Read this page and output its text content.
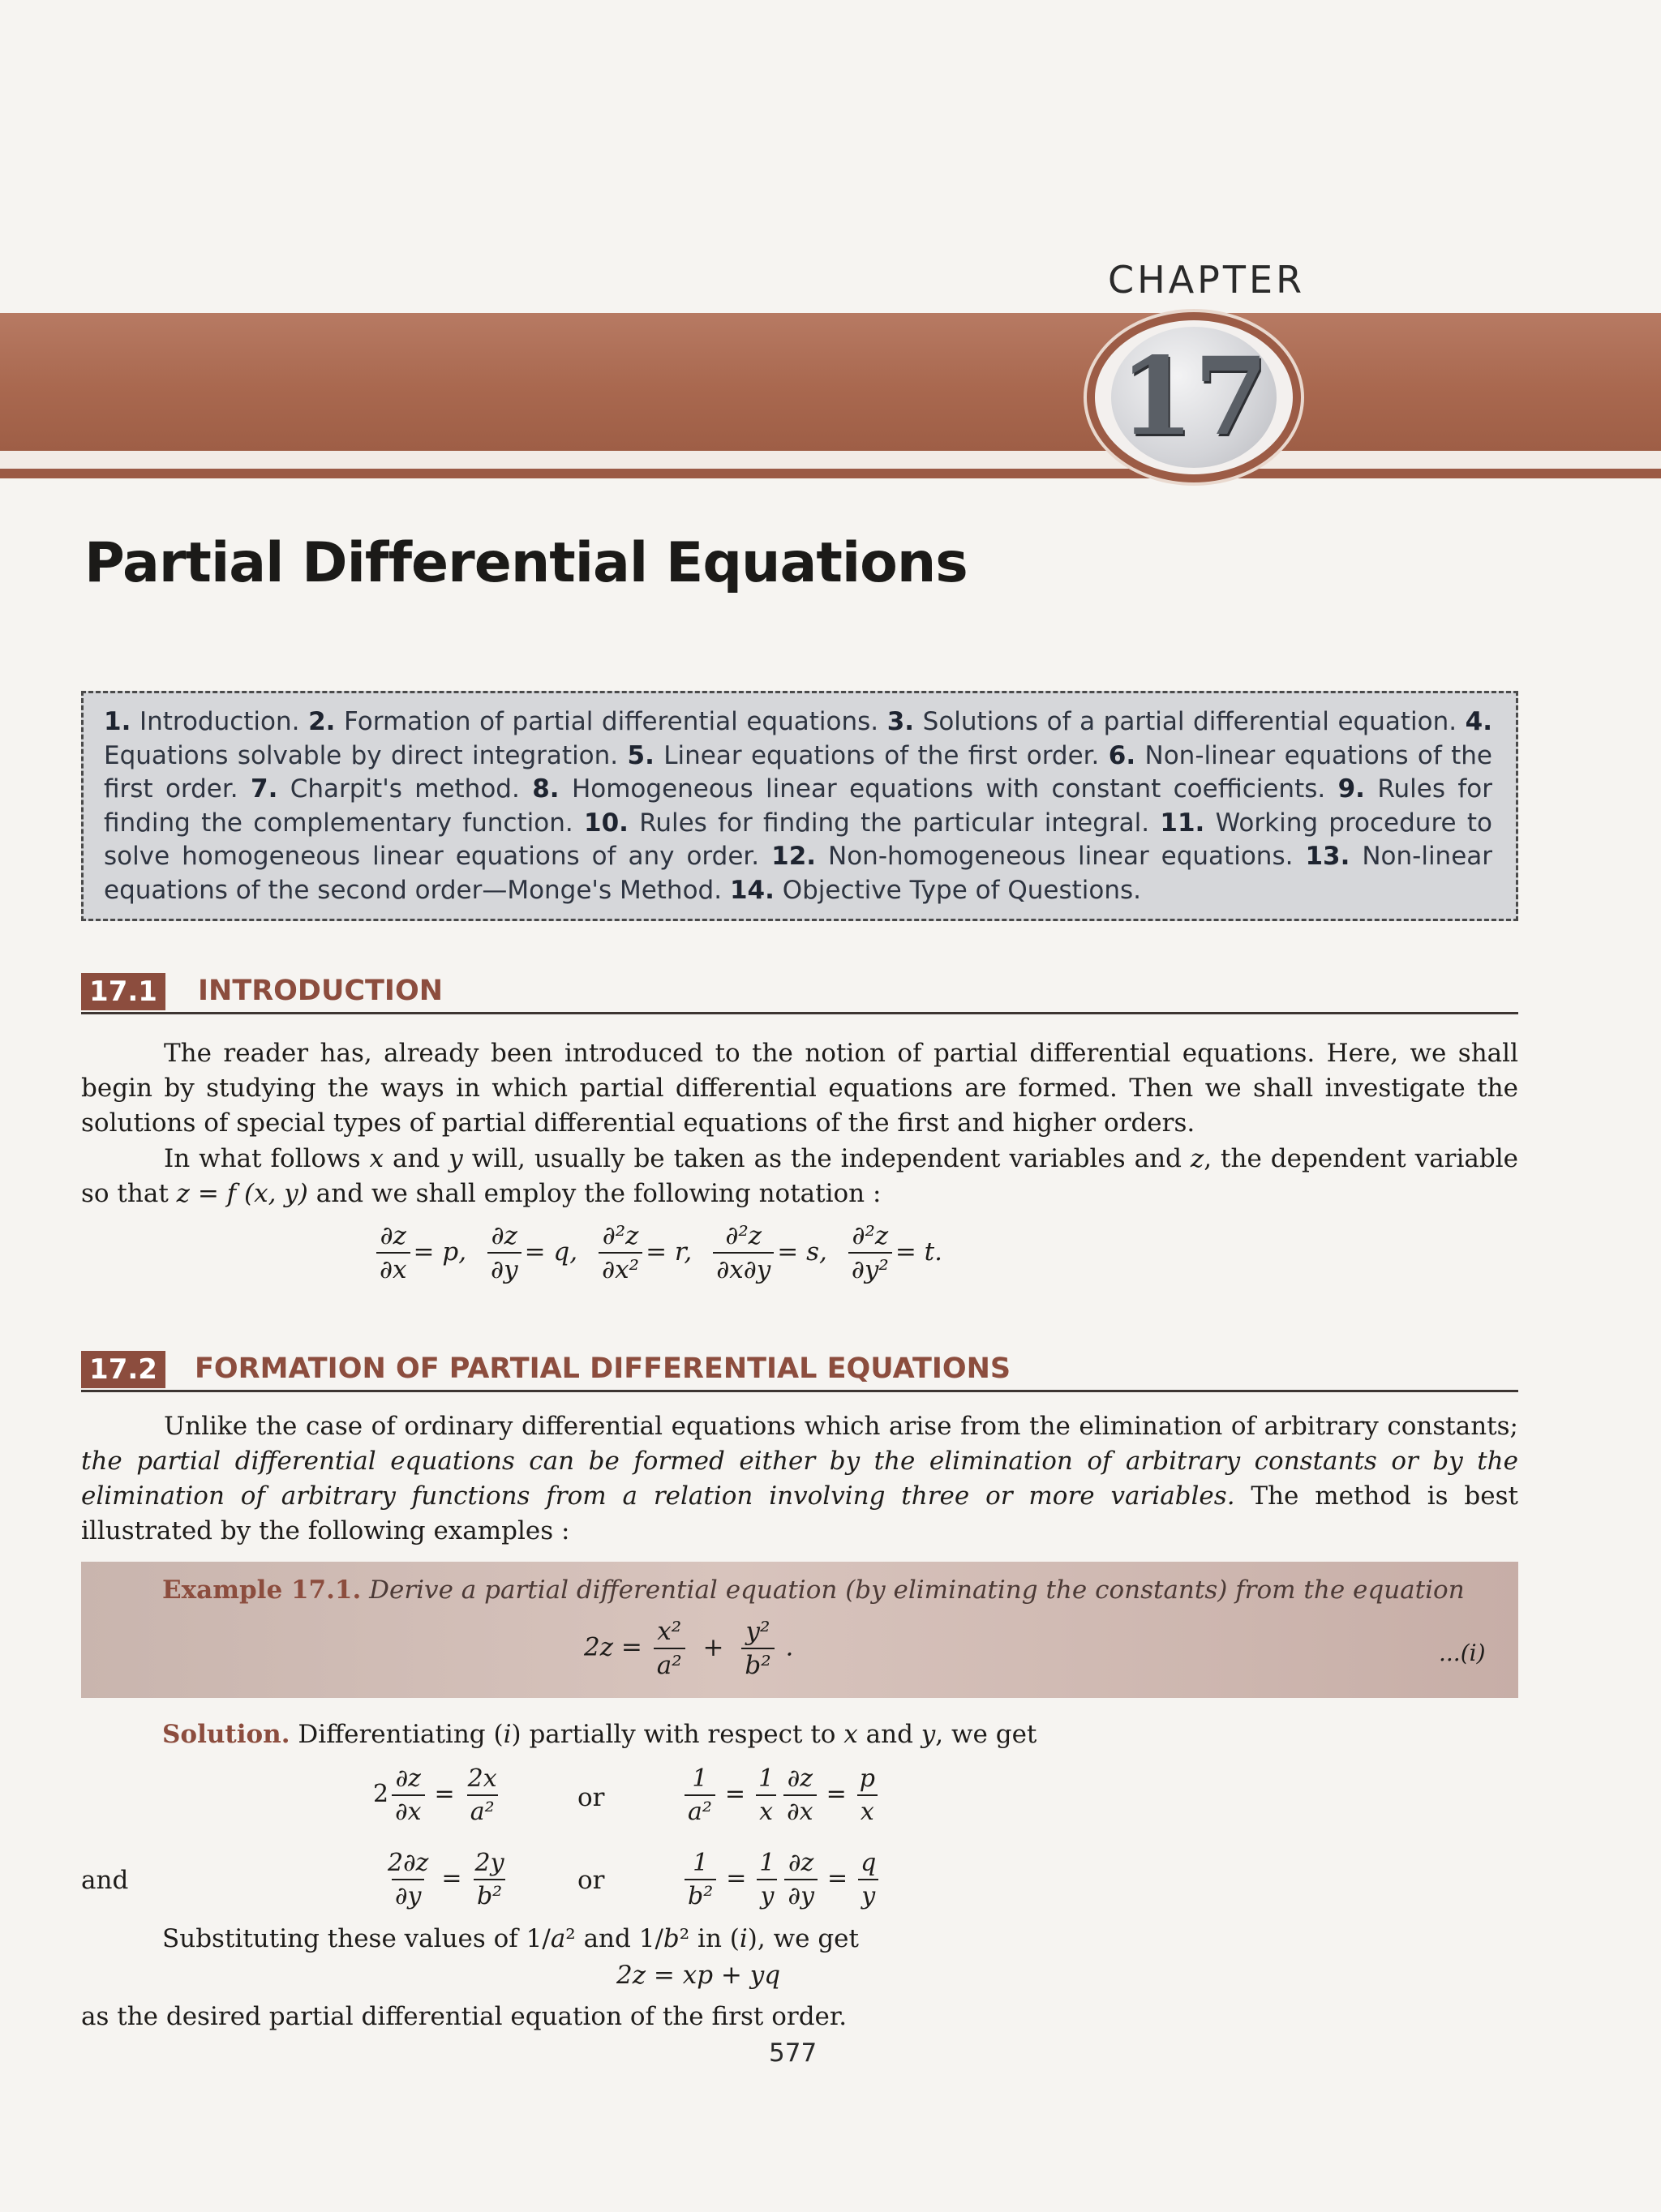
CHAPTER
17
Partial Differential Equations
1. Introduction. 2. Formation of partial differential equations. 3. Solutions of a partial differential equation. 4. Equations solvable by direct integration. 5. Linear equations of the first order. 6. Non-linear equations of the first order. 7. Charpit's method. 8. Homogeneous linear equations with constant coefficients. 9. Rules for finding the complementary function. 10. Rules for finding the particular integral. 11. Working procedure to solve homogeneous linear equations of any order. 12. Non-homogeneous linear equations. 13. Non-linear equations of the second order—Monge's Method. 14. Objective Type of Questions.
17.1 INTRODUCTION
The reader has, already been introduced to the notion of partial differential equations. Here, we shall begin by studying the ways in which partial differential equations are formed. Then we shall investigate the solutions of special types of partial differential equations of the first and higher orders.
In what follows x and y will, usually be taken as the independent variables and z, the dependent variable so that z = f (x, y) and we shall employ the following notation :
$\frac{\partial z}{\partial x} = p$, $\frac{\partial z}{\partial y} = q$, $\frac{\text{∂²z}}{\text{∂x²}} = r$, $\frac{\text{∂²z}}{\partial x\partial y} = s$, $\frac{\text{∂²z}}{\text{∂y²}} = t$.
17.2 FORMATION OF PARTIAL DIFFERENTIAL EQUATIONS
Unlike the case of ordinary differential equations which arise from the elimination of arbitrary constants; the partial differential equations can be formed either by the elimination of arbitrary constants or by the elimination of arbitrary functions from a relation involving three or more variables. The method is best illustrated by the following examples :
Example 17.1. Derive a partial differential equation (by eliminating the constants) from the equation
$2z = \frac{\text{x²}}{\text{a²}} + \frac{\text{y²}}{\text{b²}}$ .	...(i)
Solution. Differentiating (i) partially with respect to x and y, we get
$2 \frac{\partial z}{\partial x} = \frac{2x}{\text{a²}}$	or	$\frac{1}{\text{a²}} = \frac{1}{x} \frac{\partial z}{\partial x} = \frac{p}{x}$
and	$\frac{2\partial z}{\partial y} = \frac{2y}{\text{b²}}$	or	$\frac{1}{\text{b²}} = \frac{1}{y} \frac{\partial z}{\partial y} = \frac{q}{y}$
Substituting these values of 1/a² and 1/b² in (i), we get
2z = xp + yq
as the desired partial differential equation of the first order.
577
